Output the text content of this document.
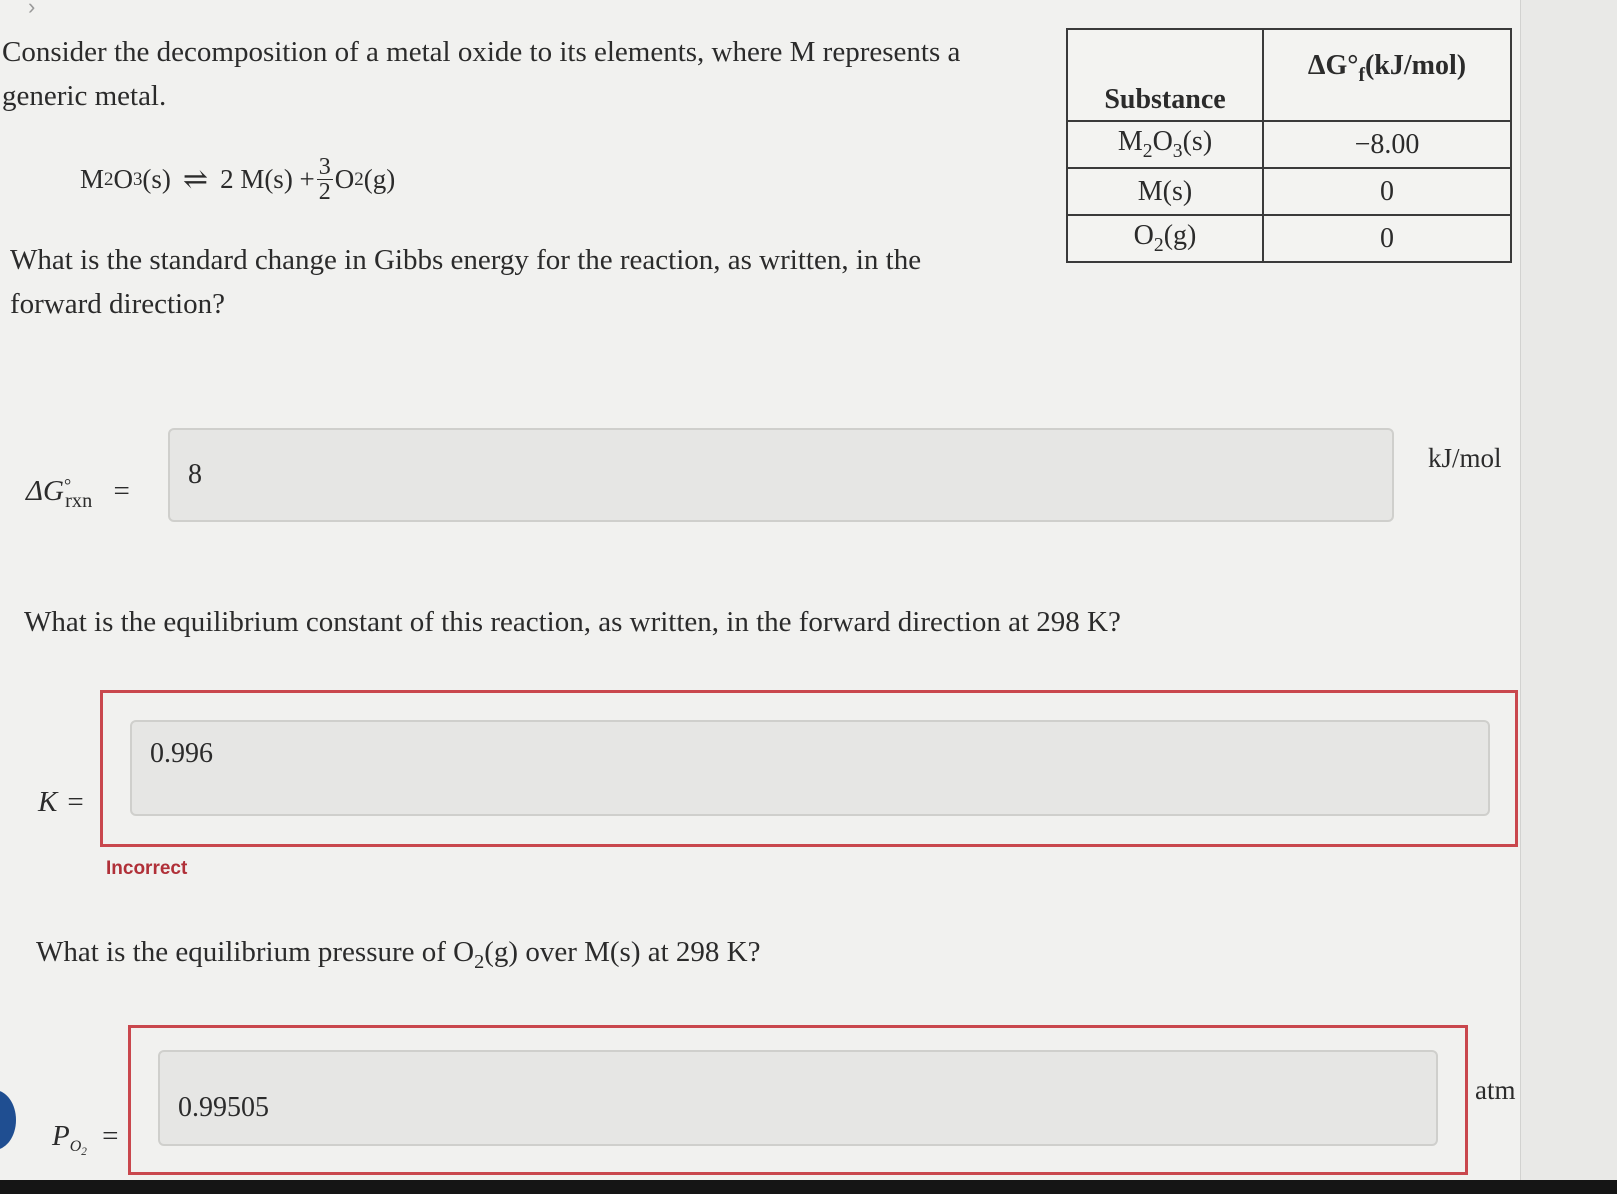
›
Consider the decomposition of a metal oxide to its elements, where M represents a
generic metal.
M 2 O 3 (s) ⇌ 2 $M(s) + \frac{3}{2}$ O 2 (g)
Substance	$\Delta G^\circ_f(kJ/mol)$
$M_2O_3(s)$	−8.00
M(s)	0
$O_2(g)$	0
What is the standard change in Gibbs energy for the reaction, as written, in the
forward direction?
$\Delta G^\circ_{rxn}$ =
8
kJ/mol
What is the equilibrium constant of this reaction, as written, in the forward direction at 298 K?
K =
0.996
Incorrect
What is the equilibrium pressure of $O_2(g)$ over M(s) at 298 K?
$P_{O_2}$ =
0.99505
atm
